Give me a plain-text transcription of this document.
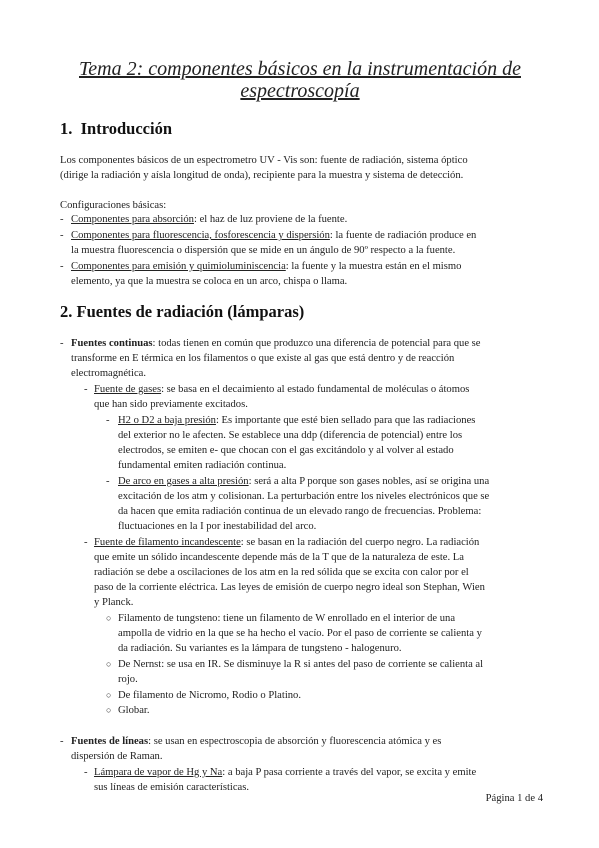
Tema 2: componentes básicos en la instrumentación de
espectroscopía
1. Introducción
Los componentes básicos de un espectrometro UV - Vis son: fuente de radiación, sistema óptico
(dirige la radiación y aísla longitud de onda), recipiente para la muestra y sistema de detección.
Configuraciones básicas:
- Componentes para absorción: el haz de luz proviene de la fuente.
- Componentes para fluorescencia, fosforescencia y dispersión: la fuente de radiación produce en
la muestra fluorescencia o dispersión que se mide en un ángulo de 90º respecto a la fuente.
- Componentes para emisión y quimioluminiscencia: la fuente y la muestra están en el mismo
elemento, ya que la muestra se coloca en un arco, chispa o llama.
2. Fuentes de radiación (lámparas)
- Fuentes continuas: todas tienen en común que produzco una diferencia de potencial para que se
transforme en E térmica en los filamentos o que existe al gas que está dentro y de reacción
electromagnética.
- Fuente de gases: se basa en el decaimiento al estado fundamental de moléculas o átomos
que han sido previamente excitados.
- H2 o D2 a baja presión: Es importante que esté bien sellado para que las radiaciones
del exterior no le afecten. Se establece una ddp (diferencia de potencial) entre los
electrodos, se emiten e- que chocan con el gas excitándolo y al volver al estado
fundamental emiten radiación continua.
- De arco en gases a alta presión: será a alta P porque son gases nobles, así se origina una
excitación de los atm y colisionan. La perturbación entre los niveles electrónicos que se
da hacen que emita radiación continua de un elevado rango de frecuencias. Problema:
fluctuaciones en la I por inestabilidad del arco.
- Fuente de filamento incandescente: se basan en la radiación del cuerpo negro. La radiación
que emite un sólido incandescente depende más de la T que de la naturaleza de este. La
radiación se debe a oscilaciones de los atm en la red sólida que se excita con calor por el
paso de la corriente eléctrica. Las leyes de emisión de cuerpo negro ideal son Stephan, Wien
y Planck.
○ Filamento de tungsteno: tiene un filamento de W enrollado en el interior de una
ampolla de vidrio en la que se ha hecho el vacío. Por el paso de corriente se calienta y
da radiación. Su variantes es la lámpara de tungsteno - halogenuro.
○ De Nernst: se usa en IR. Se disminuye la R si antes del paso de corriente se calienta al
rojo.
○ De filamento de Nicromo, Rodio o Platino.
○ Globar.
- Fuentes de líneas: se usan en espectroscopia de absorción y fluorescencia atómica y es
dispersión de Raman.
- Lámpara de vapor de Hg y Na: a baja P pasa corriente a través del vapor, se excita y emite
sus líneas de emisión características.
Página 1 de 4
